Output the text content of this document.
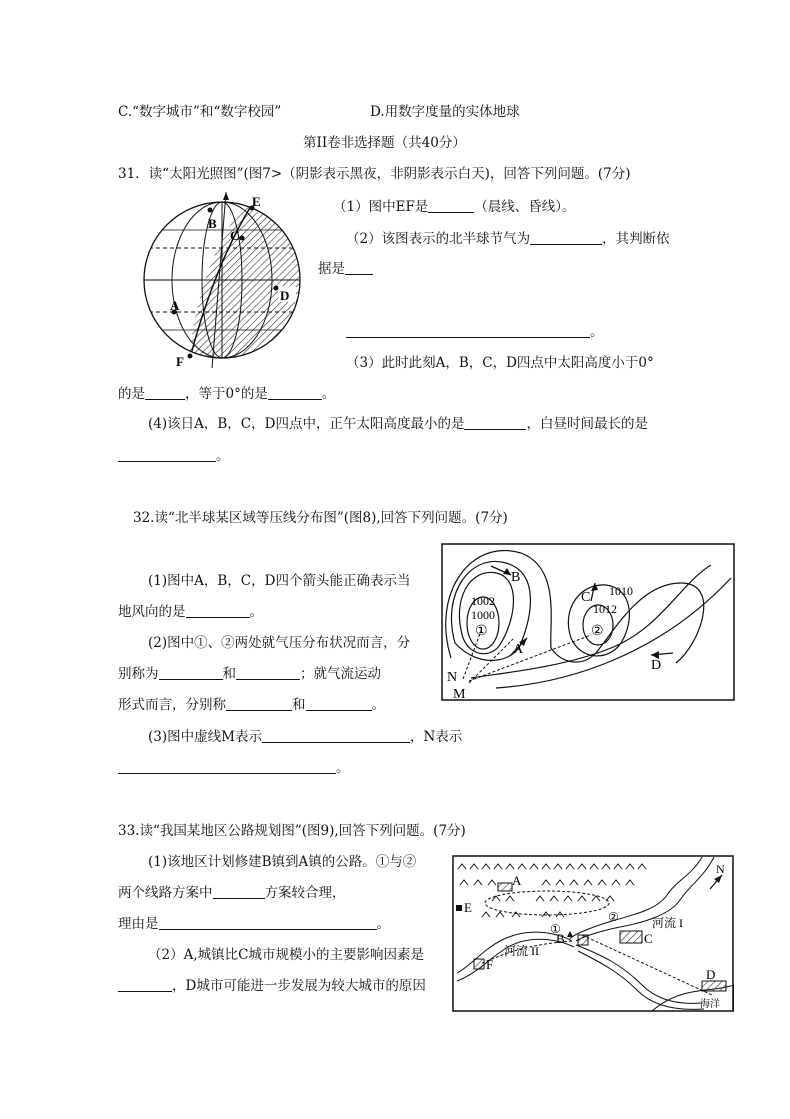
C.“数字城市”和“数字校园”	D.用数字度量的实体地球
第II卷非选择题（共40分）
31．读“太阳光照图”(图7>（阴影表示黑夜，非阴影表示白天)，回答下列问题。(7分)
B
E
C
D
A
F
（1）图中EF是	（晨线、昏线）。
（2）该图表示的北半球节气为	，其判断依
据是
。
（3）此时此刻A，B，C，D四点中太阳高度小于0°
的是	，等于0°的是	。
(4)该日A，B，C，D四点中，正午太阳高度最小的是	，白昼时间最长的是
。
32.读“北半球某区域等压线分布图”(图8),回答下列问题。(7分)
B
C
A
D
N
M
1002
1000
1010
1012
①	②
(1)图中A，B，C，D四个箭头能正确表示当
地风向的是	。
(2)图中①、②两处就气压分布状况而言，分
别称为	和	；就气流运动
形式而言，分别称	和	。
(3)图中虚线M表示	，N表示
。
33.读“我国某地区公路规划图”(图9),回答下列问题。(7分)
A
E
B	C
F
D
N
河流 I
河流 II
海洋
①
②
(1)该地区计划修建B镇到A镇的公路。①与②
两个线路方案中	方案较合理，
理由是	。
（2）A,城镇比C城市规模小的主要影响因素是
，D城市可能进一步发展为较大城市的原因
